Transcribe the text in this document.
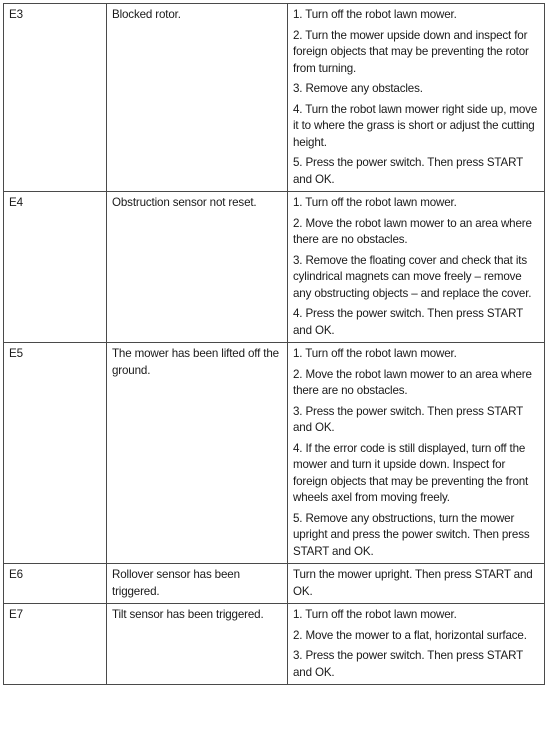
E3	Blocked rotor.	1. Turn off the robot lawn mower.
2. Turn the mower upside down and inspect for foreign objects that may be preventing the rotor from turning.
3. Remove any obstacles.
4. Turn the robot lawn mower right side up, move it to where the grass is short or adjust the cutting height.
5. Press the power switch. Then press START and OK.

E4	Obstruction sensor not reset.	1. Turn off the robot lawn mower.
2. Move the robot lawn mower to an area where there are no obstacles.
3. Remove the floating cover and check that its cylindrical magnets can move freely – remove any obstructing objects – and replace the cover.
4. Press the power switch. Then press START and OK.

E5	The mower has been lifted off the ground.	1. Turn off the robot lawn mower.
2. Move the robot lawn mower to an area where there are no obstacles.
3. Press the power switch. Then press START and OK.
4. If the error code is still displayed, turn off the mower and turn it upside down. Inspect for foreign objects that may be preventing the front wheels axel from moving freely.
5. Remove any obstructions, turn the mower upright and press the power switch. Then press START and OK.

E6	Rollover sensor has been triggered.	Turn the mower upright. Then press START and OK.

E7	Tilt sensor has been triggered.	1. Turn off the robot lawn mower.
2. Move the mower to a flat, horizontal surface.
3. Press the power switch. Then press START and OK.
